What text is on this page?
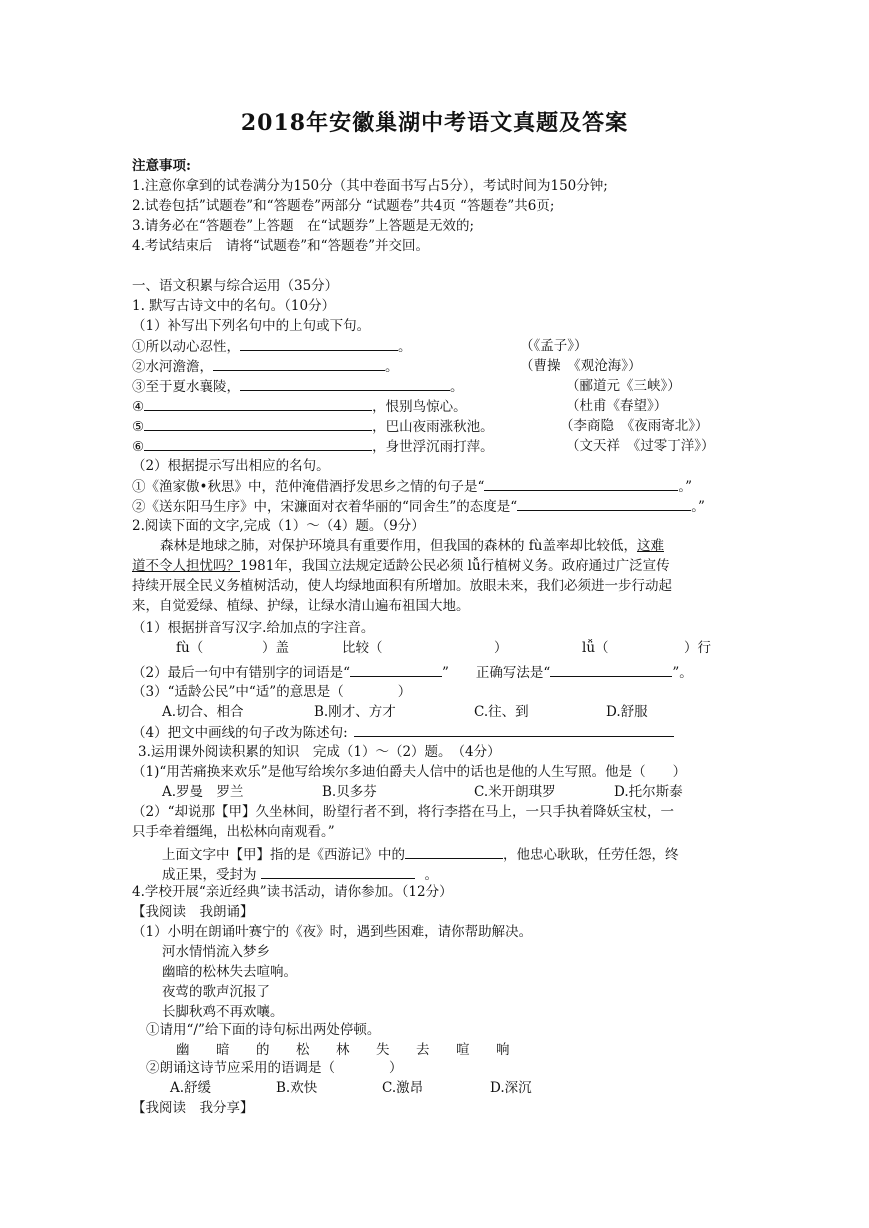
2018年安徽巢湖中考语文真题及答案
注意事项:
1.注意你拿到的试卷满分为150分（其中卷面书写占5分），考试时间为150分钟;
2.试卷包括”试题卷”和“答题卷”两部分 “试题卷”共4页 “答题卷”共6页;
3.请务必在“答题卷”上答题　在“试题券”上答题是无效的;
4.考试结束后　请将“试题卷”和“答题卷”并交回。
一、语文积累与综合运用（35分）
1. 默写古诗文中的名句。（10分）
（1）补写出下列名句中的上句或下句。
①所以动心忍性，	。	（《孟子》）
②水河澹澹，	。	（曹操　《观沧海》）
③至于夏水襄陵，	。	（郦道元《三峡》）
④	，恨别鸟惊心。	（杜甫《春望》）
⑤	，巴山夜雨涨秋池。	（李商隐　《夜雨寄北》）
⑥	，身世浮沉雨打萍。	（文天祥　《过零丁洋》）
（2）根据提示写出相应的名句。
①《渔家傲•秋思》中，范仲淹借酒抒发思乡之情的句子是“	。”
②《送东阳马生序》中，宋濂面对衣着华丽的“同舍生”的态度是“	。”
2.阅读下面的文字,完成（1）～（4）题。（9分）
森林是地球之肺，对保护环境具有重要作用，但我国的森林的 fù盖率却比较低，这难
道不令人担忧吗？1981年，我国立法规定适龄公民必须 lǚ行植树义务。政府通过广泛宣传
持续开展全民义务植树活动，使人均绿地面积有所增加。放眼未来，我们必须进一步行动起
来，自觉爱绿、植绿、护绿，让绿水清山遍布祖国大地。
（1）根据拼音写汉字.给加点的字注音。
fù（	）盖	比较（	）	lǚ（	）行
（2）最后一句中有错别字的词语是“	”　　正确写法是“	”。
（3）“适龄公民”中“适”的意思是（　　　　）
A.切合、相合	B.刚才、方才	C.往、到	D.舒服
（4）把文中画线的句子改为陈述句:
3.运用课外阅读积累的知识　完成（1）～（2）题。　（4分）
（1)“用苦痛换来欢乐”是他写给埃尔多迪伯爵夫人信中的话也是他的人生写照。他是（　　）
A.罗曼　罗兰	B.贝多芬	C.米开朗琪罗	D.托尔斯泰
（2）“却说那【甲】久坐林间，盼望行者不到，将行李搭在马上，一只手执着降妖宝杖，一
只手牵着缰绳，出松林向南观看。”
上面文字中【甲】指的是《西游记》中的	，他忠心耿耿，任劳任怨，终
成正果，受封为	。
4.学校开展“亲近经典”读书活动，请你参加。（12分）
【我阅读　我朗诵】
（1）小明在朗诵叶赛宁的《夜》时，遇到些困难，请你帮助解决。
河水情悄流入梦乡
幽暗的松林失去喧响。
夜莺的歌声沉报了
长脚秋鸡不再欢嚷。
①请用“/”给下面的诗句标出两处停顿。
幽 暗 的 松 林 失 去 喧 响
②朗诵这诗节应采用的语调是（　　　　）
A.舒缓	B.欢快	C.激昂	D.深沉
【我阅读　我分享】
